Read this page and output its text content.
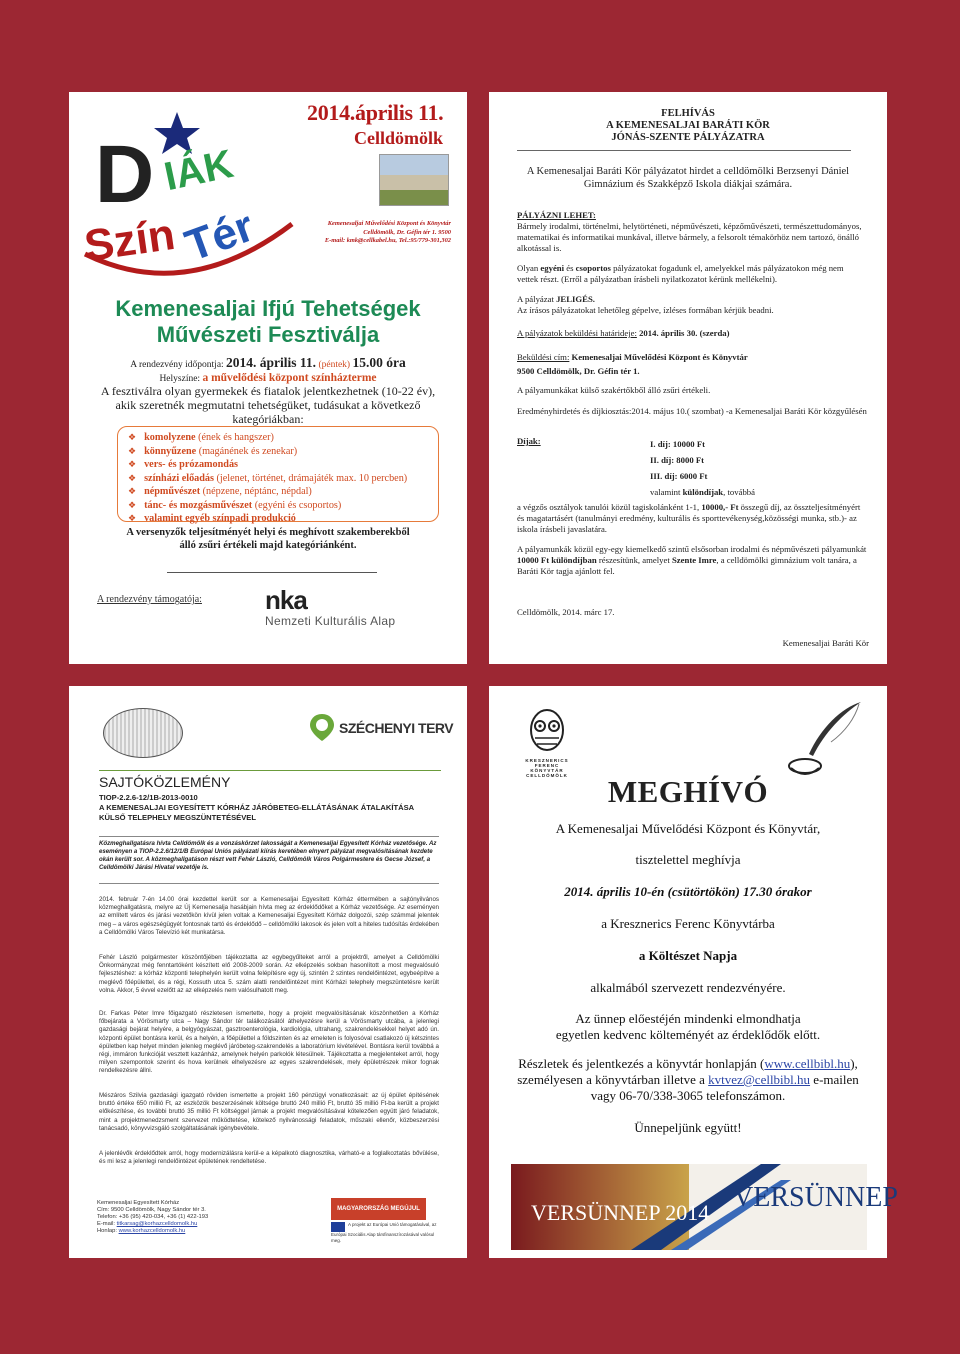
D IÁK
Szín Tér
2014.április 11.
Celldömölk
Kemenesaljai Művelődési Központ és Könyvtár
Celldömölk, Dr. Géfin tér 1. 9500
E-mail: kmk@cellkabel.hu, Tel.:95/779-301,302
Kemenesaljai Ifjú Tehetségek
Művészeti Fesztiválja
A rendezvény időpontja: 2014. április 11. (péntek) 15.00 óra
Helyszíne: a művelődési központ színházterme
A fesztiválra olyan gyermekek és fiatalok jelentkezhetnek (10-22 év),
akik szeretnék megmutatni tehetségüket, tudásukat a következő
kategóriákban:
❖ komolyzene (ének és hangszer)
❖ könnyűzene (magánének és zenekar)
❖ vers- és prózamondás
❖ színházi előadás (jelenet, történet, drámajáték max. 10 percben)
❖ népművészet (népzene, néptánc, népdal)
❖ tánc- és mozgásművészet (egyéni és csoportos)
❖ valamint egyéb színpadi produkció
A versenyzők teljesítményét helyi és meghívott szakemberekből
álló zsűri értékeli majd kategóriánként.
A rendezvény támogatója: nka
Nemzeti Kulturális Alap
FELHÍVÁS
A KEMENESALJAI BARÁTI KÖR
JÓNÁS-SZENTE PÁLYÁZATRA
A Kemenesaljai Baráti Kör pályázatot hirdet a celldömölki Berzsenyi Dániel
Gimnázium és Szakképző Iskola diákjai számára.
PÁLYÁZNI LEHET:
Bármely irodalmi, történelmi, helytörténeti, népművészeti, képzőművészeti, természettudományos, matematikai és informatikai munkával, illetve bármely, a felsorolt témakörhöz nem tartozó, önálló alkotással is.
Olyan egyéni és csoportos pályázatokat fogadunk el, amelyekkel más pályázatokon még nem vettek részt. (Erről a pályázatban írásbeli nyilatkozatot kérünk mellékelni).
A pályázat JELIGÉS.
Az írásos pályázatokat lehetőleg gépelve, ízléses formában kérjük beadni.
A pályázatok beküldési határideje: 2014. április 30. (szerda)
Beküldési cím: Kemenesaljai Művelődési Központ és Könyvtár
9500 Celldömölk, Dr. Géfin tér 1.
A pályamunkákat külső szakértőkből álló zsűri értékeli.
Eredményhirdetés és díjkiosztás:2014. május 10.( szombat) -a Kemenesaljai Baráti Kör közgyűlésén
Díjak:	I. díj: 10000 Ft
II. díj: 8000 Ft
III. díj: 6000 Ft
valamint különdíjak, továbbá
a végzős osztályok tanulói közül tagiskolánként 1-1, 10000,- Ft összegű díj, az összteljesítményért és magatartásért (tanulmányi eredmény, kulturális és sporttevékenység,közösségi munka, stb.)- az iskola írásbeli javaslatára.
A pályamunkák közül egy-egy kiemelkedő szintű elsősorban irodalmi és népművészeti pályamunkát 10000 Ft különdíjban részesítünk, amelyet Szente Imre, a celldömölki gimnázium volt tanára, a Baráti Kör tagja ajánlott fel.
Celldömölk, 2014. márc 17.
Kemenesaljai Baráti Kör
SZÉCHENYI TERV
SAJTÓKÖZLEMÉNY
TIOP-2.2.6-12/1B-2013-0010
A KEMENESALJAI EGYESÍTETT KÓRHÁZ JÁRÓBETEG-ELLÁTÁSÁNAK ÁTALAKÍTÁSA KÜLSŐ TELEPHELY MEGSZÜNTETÉSÉVEL
Közmeghallgatásra hívta Celldömölk és a vonzáskörzet lakosságát a Kemenesaljai Egyesített Kórház vezetősége. Az eseményen a TIOP-2.2.6/12/1/B Európai Uniós pályázati kiírás keretében elnyert pályázat megvalósításának kezdete okán került sor. A közmeghallgatáson részt vett Fehér László, Celldömölk Város Polgármestere és Gecse József, a Celldömölki Járási Hivatal vezetője is.
2014. február 7-én 14.00 órai kezdettel került sor a Kemenesaljai Egyesített Kórház éttermében a sajtónyilvános közmeghallgatásra, melyre az Új Kemenesalja hasábjain hívta meg az érdeklődőket a Kórház vezetősége. Az eseményen az említett város és járási vezetőkön kívül jelen voltak a Kemenesaljai Egyesített Kórház dolgozói, szép számmal jelentek meg – a város egészségügyét fontosnak tartó és érdeklődő – celldömölki lakosok és jelen volt a hiteles tudósítás érdekében a Celldömölki Város Televízió két munkatársa.
Fehér László polgármester köszöntőjében tájékoztatta az egybegyűlteket arról a projektről, amelyet a Celldömölki Önkormányzat még fenntartóként készített elő 2008-2009 során. Az elképzelés sokban hasonlított a most megvalósuló fejlesztéshez: a kórház központi telephelyén került volna felépítésre egy új, szintén 2 szintes rendelőintézet, egybeépítve a meglévő főépülettel, és a régi, Kossuth utca 5. szám alatti rendelőintézet mint Kórházi telephely megszüntetésre került volna. Akkor, 5 évvel ezelőtt az az elképzelés nem valósulhatott meg.
Dr. Farkas Péter Imre főigazgató részletesen ismertette, hogy a projekt megvalósításának köszönhetően a Kórház főbejárata a Vörösmarty utca – Nagy Sándor tér találkozásától áthelyezésre kerül a Vörösmarty utcába, a jelenlegi gazdasági bejárat helyére, a belgyógyászat, gasztroenterológia, kardiológia, ultrahang, szakrendelésekkel helyet adó ún. központi épület bontásra kerül, és a helyén, a főépülettel a földszinten és az emeleten is folyosóval csatlakozó új kétszintes épületben kap helyet minden jelenleg meglévő járóbeteg-szakrendelés a laboratórium kivételével. Bontásra kerül továbbá a régi, immáron funkcióját vesztett kazánház, amelynek helyén parkolók létesülnek. Tájékoztatta a megjelenteket arról, hogy milyen szempontok szerint és hova kerülnek elhelyezésre az egyes szakrendelések, mely épületrészek mikor fognak rendelkezésre állni.
Mészáros Szilvia gazdasági igazgató röviden ismertette a projekt 160 pénzügyi vonatkozásait: az új épület építésének bruttó értéke 650 millió Ft, az eszközök beszerzésének költsége bruttó 240 millió Ft, bruttó 35 millió Ft-ba került a projekt előkészítése, és további bruttó 35 millió Ft költséggel járnak a projekt megvalósításával kötelezően együtt járó feladatok, mint a projektmenedzsment szervezet működtetése, kötelező nyilvánossági feladatok, műszaki ellenőr, közbeszerzési tanácsadó, könyvvizsgáló szolgáltatásának igénybevétele.
A jelenlévők érdeklődtek arról, hogy modernizálásra kerül-e a képalkotó diagnosztika, várható-e a foglalkoztatás bővülése, és mi lesz a jelenlegi rendelőintézet épületének rendeltetése.
Kemenesaljai Egyesített Kórház
Cím: 9500 Celldömölk, Nagy Sándor tér 3.
Telefon: +36 (95) 420-034, +36 (1) 422-193
E-mail: titkarsag@korhazcelldomolk.hu
Honlap: www.korhazcelldomolk.hu
MAGYARORSZÁG MEGÚJUL
A projekt az Európai Unió támogatásával, az Európai Szociális Alap társfinanszírozásával valósul meg.
KRESZNERICS
FERENC
KÖNYVTÁR
CELLDÖMÖLK	MEGHÍVÓ
A Kemenesaljai Művelődési Központ és Könyvtár,
tisztelettel meghívja
2014. április 10-én (csütörtökön) 17.30 órakor
a Kresznerics Ferenc Könyvtárba
a Költészet Napja
alkalmából szervezett rendezvényére.
Az ünnep előestéjén mindenki elmondhatja
egyetlen kedvenc költeményét az érdeklődők előtt.
Részletek és jelentkezés a könyvtár honlapján (www.cellbibl.hu),
személyesen a könyvtárban illetve a kvtvez@cellbibl.hu e-mailen
vagy 06-70/338-3065 telefonszámon.
Ünnepeljünk együtt!
VERSÜNNEP 2014 VERSÜNNEP
